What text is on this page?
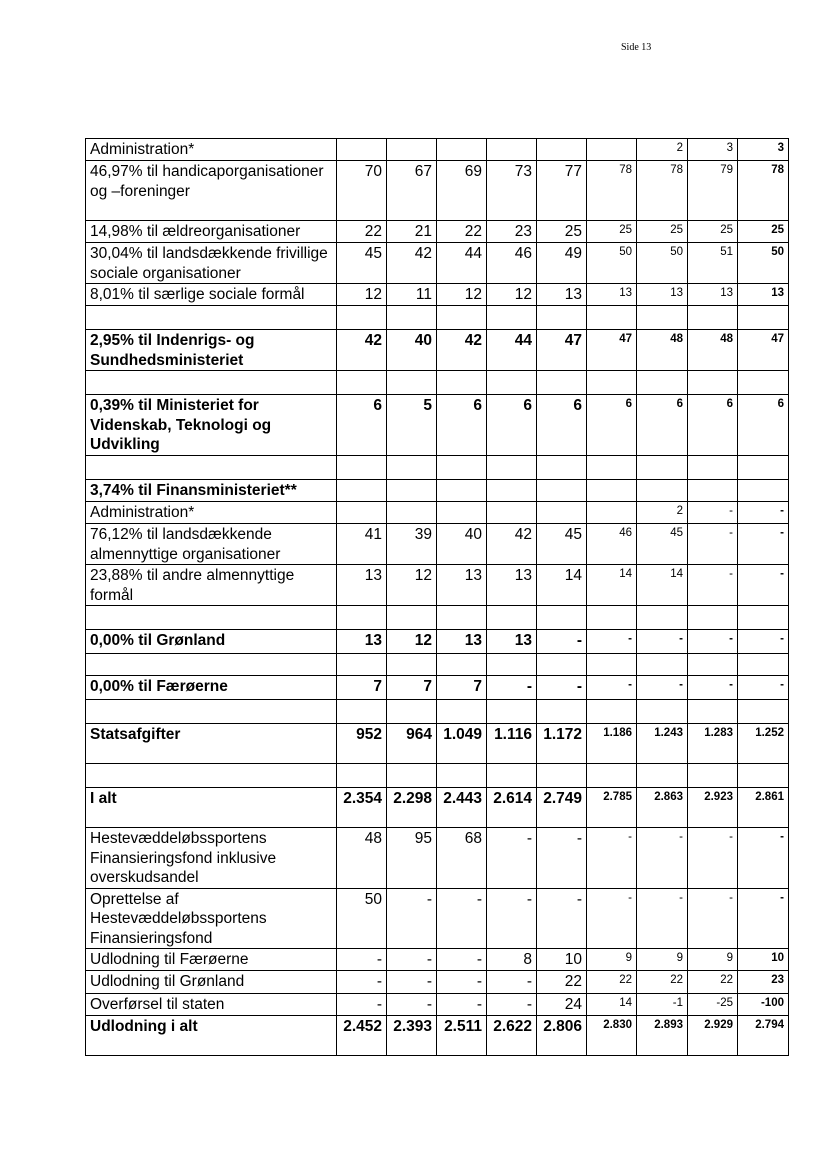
Side 13
Administration*							2	3	3
46,97% til handicaporganisationer og –foreninger	70	67	69	73	77	78	78	79	78
14,98% til ældreorganisationer	22	21	22	23	25	25	25	25	25
30,04% til landsdækkende frivillige sociale organisationer	45	42	44	46	49	50	50	51	50
8,01% til særlige sociale formål	12	11	12	12	13	13	13	13	13

2,95% til Indenrigs- og Sundhedsministeriet	42	40	42	44	47	47	48	48	47

0,39% til Ministeriet for Videnskab, Teknologi og Udvikling	6	5	6	6	6	6	6	6	6

3,74% til Finansministeriet**									
Administration*							2	-	-
76,12% til landsdækkende almennyttige organisationer	41	39	40	42	45	46	45	-	-
23,88% til andre almennyttige formål	13	12	13	13	14	14	14	-	-

0,00% til Grønland	13	12	13	13	-	-	-	-	-

0,00% til Færøerne	7	7	7	-	-	-	-	-	-

Statsafgifter	952	964	1.049	1.116	1.172	1.186	1.243	1.283	1.252

I alt	2.354	2.298	2.443	2.614	2.749	2.785	2.863	2.923	2.861
Hestevæddeløbssportens Finansieringsfond inklusive overskudsandel	48	95	68	-	-	-	-	-	-
Oprettelse af Hestevæddeløbssportens Finansieringsfond	50	-	-	-	-	-	-	-	-
Udlodning til Færøerne	-	-	-	8	10	9	9	9	10
Udlodning til Grønland	-	-	-	-	22	22	22	22	23
Overførsel til staten	-	-	-	-	24	14	-1	-25	-100
Udlodning i alt	2.452	2.393	2.511	2.622	2.806	2.830	2.893	2.929	2.794
